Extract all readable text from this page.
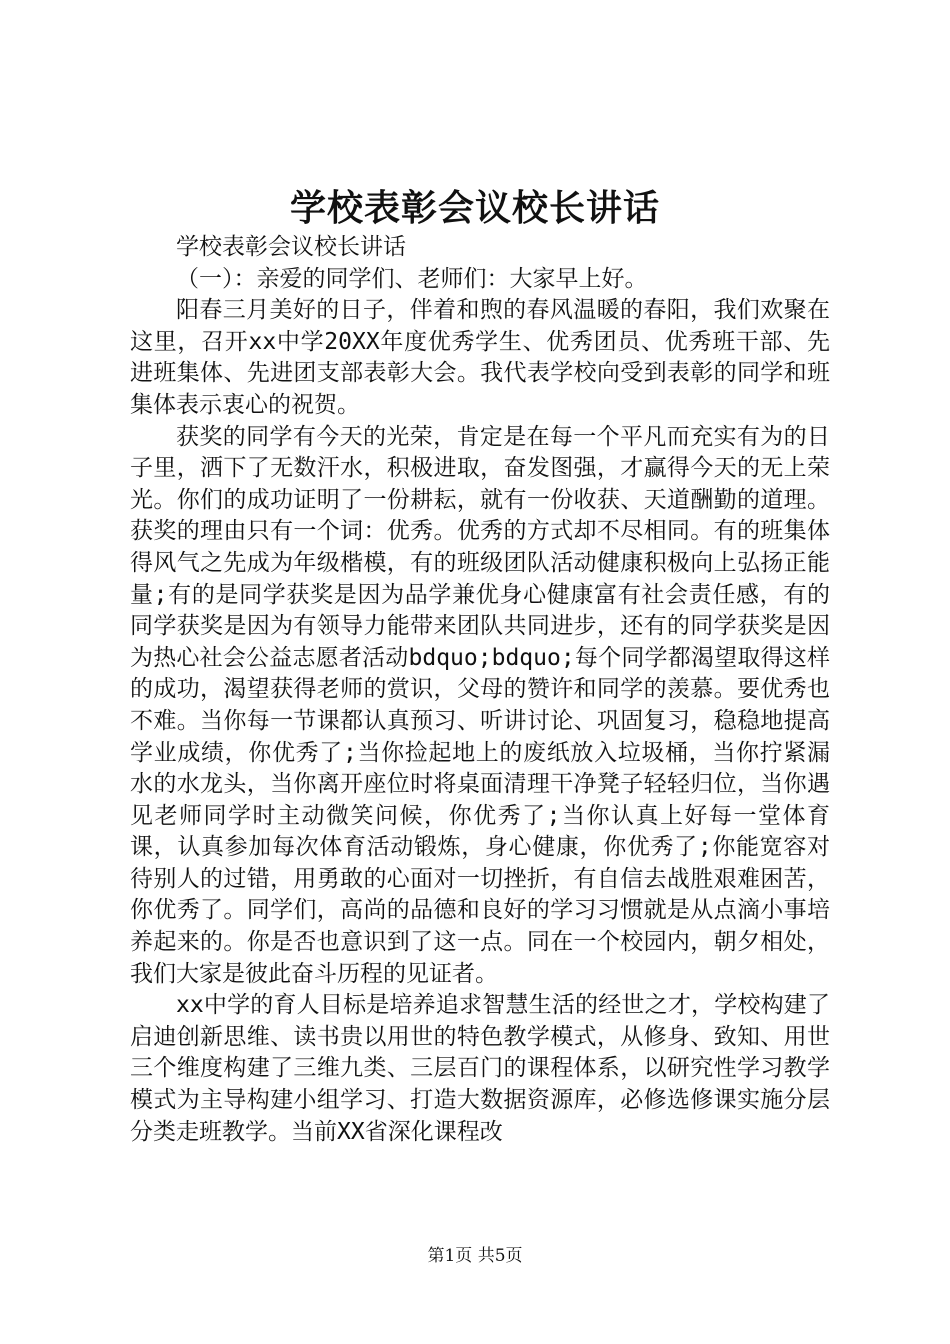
学校表彰会议校长讲话

学校表彰会议校长讲话

（一）：亲爱的同学们、老师们：大家早上好。

阳春三月美好的日子，伴着和煦的春风温暖的春阳，我们欢聚在这里，召开xx中学20XX年度优秀学生、优秀团员、优秀班干部、先进班集体、先进团支部表彰大会。我代表学校向受到表彰的同学和班集体表示衷心的祝贺。

获奖的同学有今天的光荣，肯定是在每一个平凡而充实有为的日子里，洒下了无数汗水，积极进取，奋发图强，才赢得今天的无上荣光。你们的成功证明了一份耕耘，就有一份收获、天道酬勤的道理。获奖的理由只有一个词：优秀。优秀的方式却不尽相同。有的班集体得风气之先成为年级楷模，有的班级团队活动健康积极向上弘扬正能量;有的是同学获奖是因为品学兼优身心健康富有社会责任感，有的同学获奖是因为有领导力能带来团队共同进步，还有的同学获奖是因为热心社会公益志愿者活动bdquo;bdquo;每个同学都渴望取得这样的成功，渴望获得老师的赏识，父母的赞许和同学的羡慕。要优秀也不难。当你每一节课都认真预习、听讲讨论、巩固复习，稳稳地提高学业成绩，你优秀了;当你捡起地上的废纸放入垃圾桶，当你拧紧漏水的水龙头，当你离开座位时将桌面清理干净凳子轻轻归位，当你遇见老师同学时主动微笑问候，你优秀了;当你认真上好每一堂体育课，认真参加每次体育活动锻炼，身心健康，你优秀了;你能宽容对待别人的过错，用勇敢的心面对一切挫折，有自信去战胜艰难困苦，你优秀了。同学们，高尚的品德和良好的学习习惯就是从点滴小事培养起来的。你是否也意识到了这一点。同在一个校园内，朝夕相处，我们大家是彼此奋斗历程的见证者。

xx中学的育人目标是培养追求智慧生活的经世之才，学校构建了启迪创新思维、读书贵以用世的特色教学模式，从修身、致知、用世三个维度构建了三维九类、三层百门的课程体系，以研究性学习教学模式为主导构建小组学习、打造大数据资源库，必修选修课实施分层分类走班教学。当前XX省深化课程改

第1页 共5页
